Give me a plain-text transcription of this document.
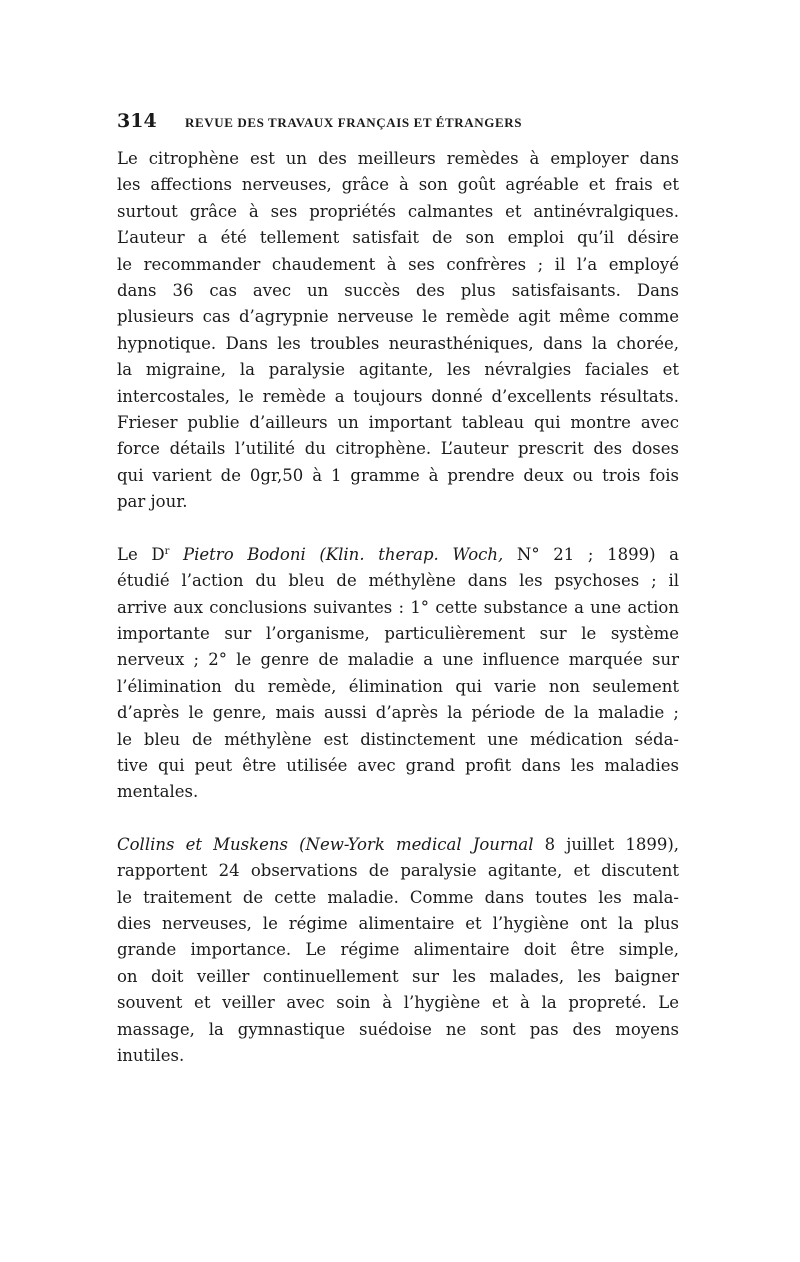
314	REVUE DES TRAVAUX FRANÇAIS ET ÉTRANGERS

Le citrophène est un des meilleurs remèdes à employer dans
les affections nerveuses, grâce à son goût agréable et frais et
surtout grâce à ses propriétés calmantes et antinévralgiques.
L’auteur a été tellement satisfait de son emploi qu’il désire
le recommander chaudement à ses confrères ; il l’a employé
dans 36 cas avec un succès des plus satisfaisants. Dans
plusieurs cas d’agrypnie nerveuse le remède agit même comme
hypnotique. Dans les troubles neurasthéniques, dans la chorée,
la migraine, la paralysie agitante, les névralgies faciales et
intercostales, le remède a toujours donné d’excellents résultats.
Frieser publie d’ailleurs un important tableau qui montre avec
force détails l’utilité du citrophène. L’auteur prescrit des doses
qui varient de 0gr,50 à 1 gramme à prendre deux ou trois fois
par jour.

Le $D^r$ Pietro Bodoni (Klin. therap. Woch, N° 21 ; 1899) a
étudié l’action du bleu de méthylène dans les psychoses ; il
arrive aux conclusions suivantes : 1° cette substance a une action
importante sur l’organisme, particulièrement sur le système
nerveux ; 2° le genre de maladie a une influence marquée sur
l’élimination du remède, élimination qui varie non seulement
d’après le genre, mais aussi d’après la période de la maladie ;
le bleu de méthylène est distinctement une médication séda-
tive qui peut être utilisée avec grand profit dans les maladies
mentales.

Collins et Muskens (New-York medical Journal 8 juillet 1899),
rapportent 24 observations de paralysie agitante, et discutent
le traitement de cette maladie. Comme dans toutes les mala-
dies nerveuses, le régime alimentaire et l’hygiène ont la plus
grande importance. Le régime alimentaire doit être simple,
on doit veiller continuellement sur les malades, les baigner
souvent et veiller avec soin à l’hygiène et à la propreté. Le
massage, la gymnastique suédoise ne sont pas des moyens
inutiles.
